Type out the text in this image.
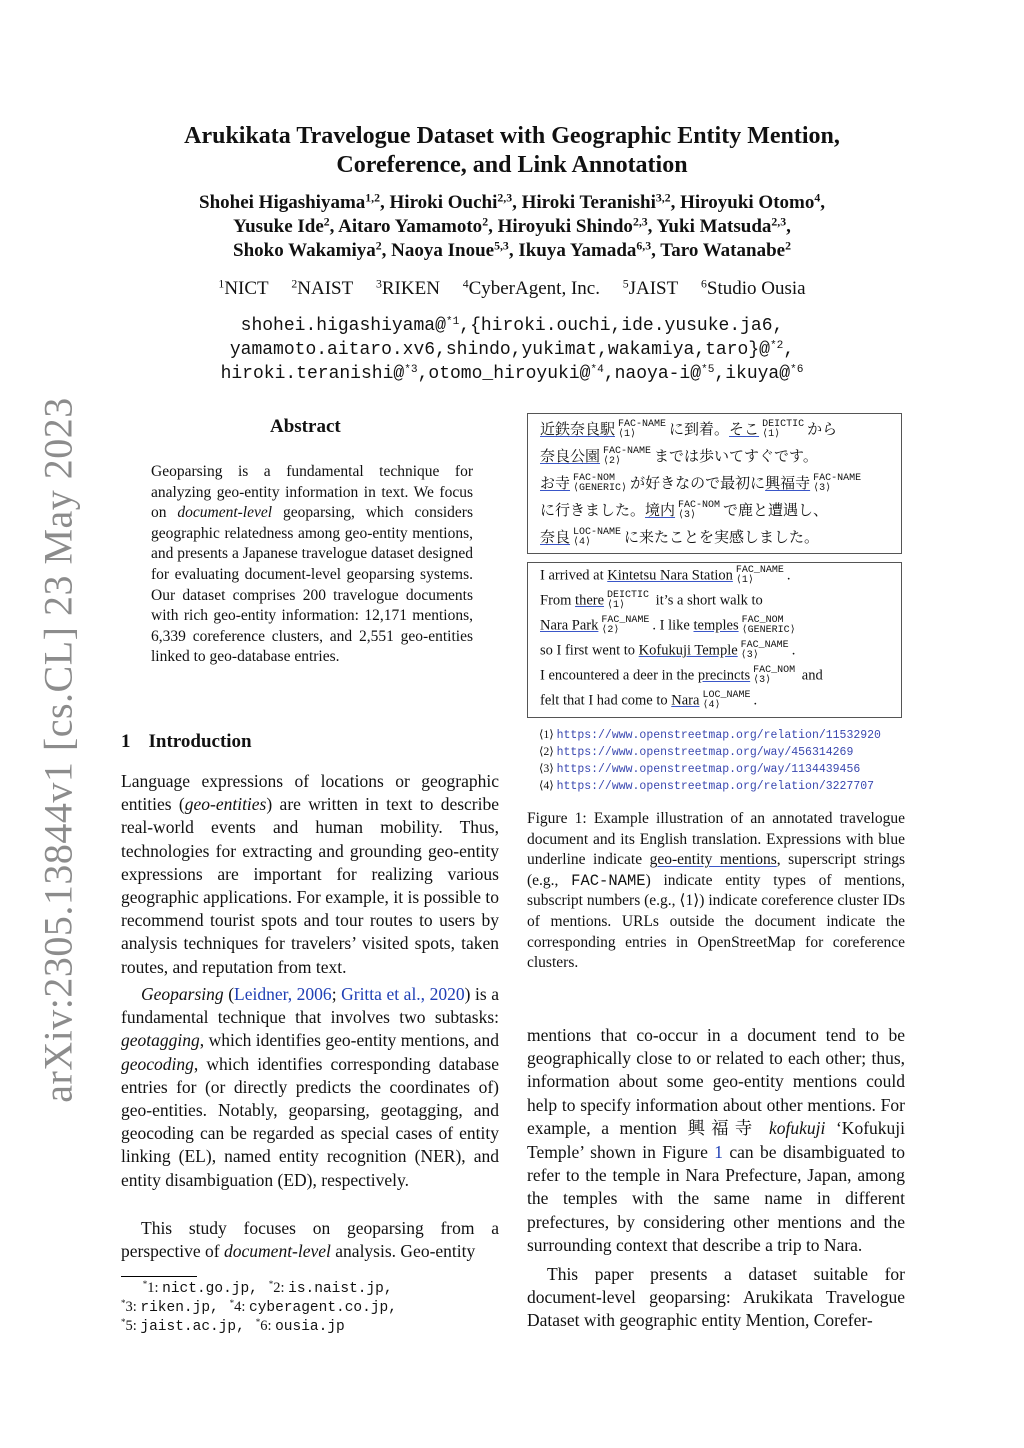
arXiv:2305.13844v1 [cs.CL] 23 May 2023
Arukikata Travelogue Dataset with Geographic Entity Mention,
Coreference, and Link Annotation
Shohei Higashiyama$^{1,2}$, Hiroki Ouchi$^{2,3}$, Hiroki Teranishi$^{3,2}$, Hiroyuki Otomo$^4$,
Yusuke Ide$^2$, Aitaro Yamamoto$^2$, Hiroyuki Shindo$^{2,3}$, Yuki Matsuda$^{2,3}$,
Shoko Wakamiya$^2$, Naoya Inoue$^{5,3}$, Ikuya Yamada$^{6,3}$, Taro Watanabe$^2$
$^1$NICT $^2$NAIST $^3$RIKEN $^4$CyberAgent, Inc. $^5$JAIST $^6$Studio Ousia
shohei.higashiyama@$^{*1}$,{hiroki.ouchi,ide.yusuke.ja6,
yamamoto.aitaro.xv6,shindo,yukimat,wakamiya,taro}@$^{*2}$,
hiroki.teranishi@$^{*3}$,otomo_hiroyuki@$^{*4}$,naoya-i@$^{*5}$,ikuya@$^{*6}$
Abstract
Geoparsing is a fundamental technique for analyzing geo-entity information in text. We focus on document-level geoparsing, which considers geographic relatedness among geo-entity mentions, and presents a Japanese travelogue dataset designed for evaluating document-level geoparsing systems. Our dataset comprises 200 travelogue documents with rich geo-entity information: 12,171 mentions, 6,339 coreference clusters, and 2,551 geo-entities linked to geo-database entries.
1 Introduction
Language expressions of locations or geographic entities (geo-entities) are written in text to describe real-world events and human mobility. Thus, technologies for extracting and grounding geo-entity expressions are important for realizing various geographic applications. For example, it is possible to recommend tourist spots and tour routes to users by analysis techniques for travelers’ visited spots, taken routes, and reputation from text.
Geoparsing (Leidner, 2006; Gritta et al., 2020) is a fundamental technique that involves two subtasks: geotagging, which identifies geo-entity mentions, and geocoding, which identifies corresponding database entries for (or directly predicts the coordinates of) geo-entities. Notably, geoparsing, geotagging, and geocoding can be regarded as special cases of entity linking (EL), named entity recognition (NER), and entity disambiguation (ED), respectively.
This study focuses on geoparsing from a perspective of document-level analysis. Geo-entity
*1: nict.go.jp, *2: is.naist.jp,
*3: riken.jp, *4: cyberagent.co.jp,
*5: jaist.ac.jp, *6: ousia.jp
近鉄奈良駅 FAC-NAME
⟨1⟩	に到着。そこ DEICTIC
⟨1⟩	から
奈良公園 FAC-NAME
⟨2⟩	までは歩いてすぐです。
お寺 FAC-NOM
⟨GENERIC⟩ が好きなので最初に興福寺 FAC-NAME
⟨3⟩
に行きました。境内 FAC-NOM
⟨3⟩	で鹿と遭遇し、
奈良 LOC-NAME
⟨4⟩	に来たことを実感しました。
I arrived at Kintetsu Nara Station FAC_NAME
⟨1⟩	.
From there DEICTIC
⟨1⟩	it’s a short walk to
Nara Park FAC_NAME
⟨2⟩	. I like temples FAC_NOM
⟨GENERIC⟩
so I first went to Kofukuji Temple FAC_NAME
⟨3⟩	.
I encountered a deer in the precincts FAC_NOM
⟨3⟩	and
felt that I had come to Nara LOC_NAME
⟨4⟩	.
⟨1⟩ https://www.openstreetmap.org/relation/11532920
⟨2⟩ https://www.openstreetmap.org/way/456314269
⟨3⟩ https://www.openstreetmap.org/way/1134439456
⟨4⟩ https://www.openstreetmap.org/relation/3227707
Figure 1: Example illustration of an annotated travelogue document and its English translation. Expressions with blue underline indicate geo-entity mentions, superscript strings (e.g., FAC-NAME) indicate entity types of mentions, subscript numbers (e.g., ⟨1⟩) indicate coreference cluster IDs of mentions. URLs outside the document indicate the corresponding entries in OpenStreetMap for coreference clusters.
mentions that co-occur in a document tend to be geographically close to or related to each other; thus, information about some geo-entity mentions could help to specify information about other mentions. For example, a mention 興福寺 kofukuji ‘Kofukuji Temple’ shown in Figure 1 can be disambiguated to refer to the temple in Nara Prefecture, Japan, among the temples with the same name in different prefectures, by considering other mentions and the surrounding context that describe a trip to Nara.
This paper presents a dataset suitable for document-level geoparsing: Arukikata Travelogue Dataset with geographic entity Mention, Corefer-
